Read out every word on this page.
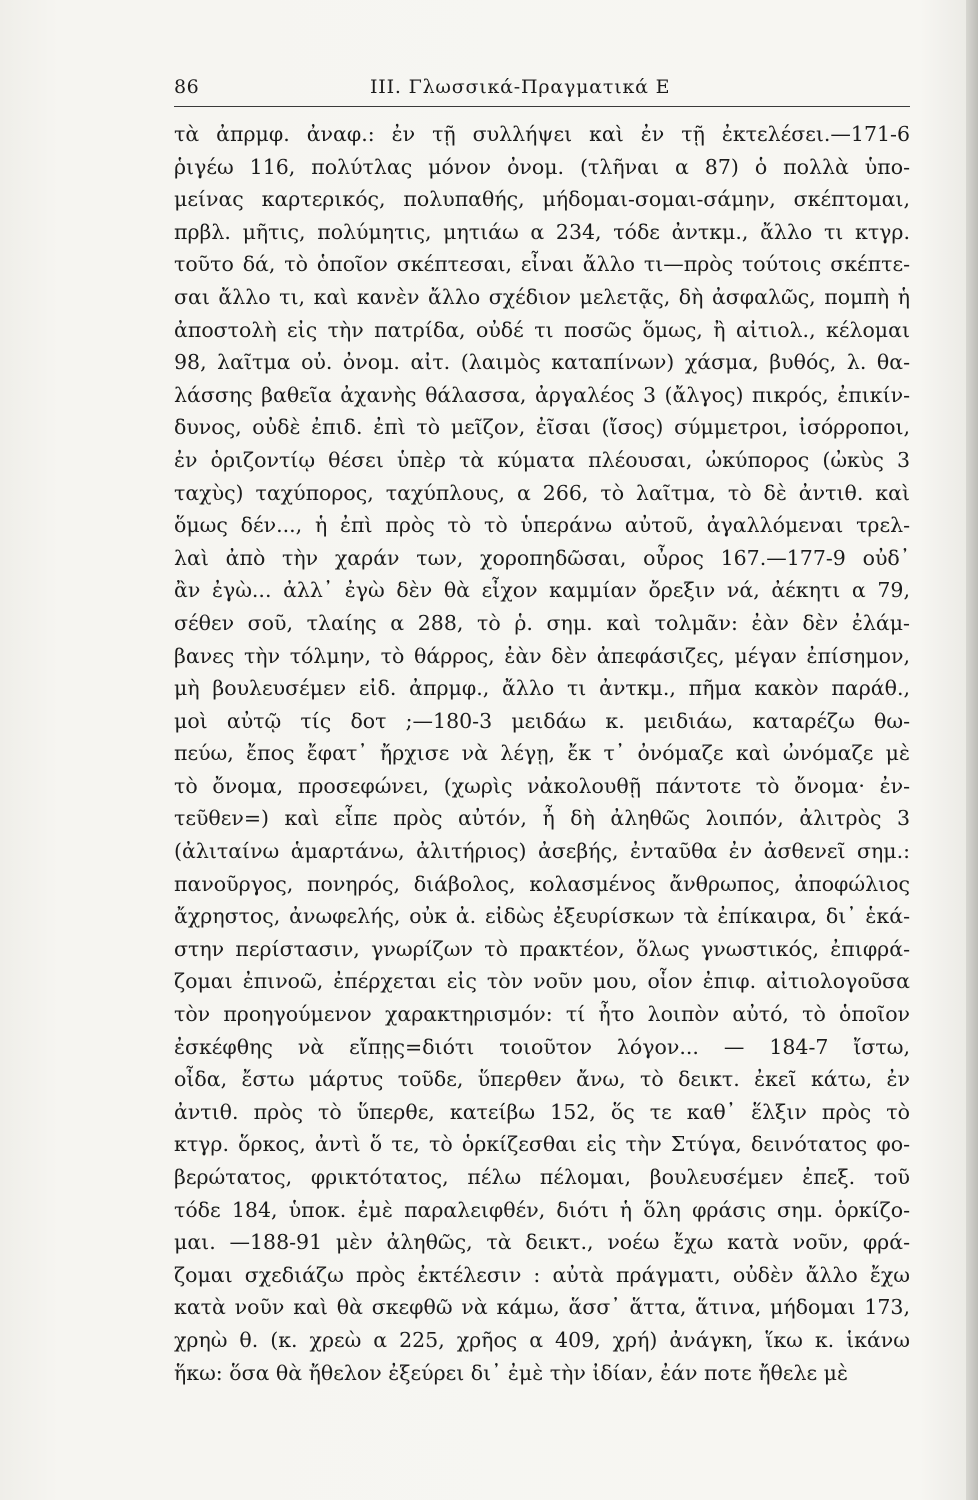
86	ΙΙΙ. Γλωσσικά-Πραγματικά Ε
τὰ ἀπρμφ. ἀναφ.: ἐν τῇ συλλήψει καὶ ἐν τῇ ἐκτελέσει.—171-6
ῥιγέω 116, πολύτλας μόνον ὀνομ. (τλῆναι α 87) ὁ πολλὰ ὑπο-
μείνας καρτερικός, πολυπαθής, μήδομαι-σομαι-σάμην, σκέπτομαι,
πρβλ. μῆτις, πολύμητις, μητιάω α 234, τόδε ἀντκμ., ἄλλο τι κτγρ.
τοῦτο δά, τὸ ὁποῖον σκέπτεσαι, εἶναι ἄλλο τι—πρὸς τούτοις σκέπτε-
σαι ἄλλο τι, καὶ κανὲν ἄλλο σχέδιον μελετᾷς, δὴ ἀσφαλῶς, πομπὴ ἡ
ἀποστολὴ εἰς τὴν πατρίδα, οὐδέ τι ποσῶς ὅμως, ἢ αἰτιολ., κέλομαι
98, λαῖτμα οὐ. ὀνομ. αἰτ. (λαιμὸς καταπίνων) χάσμα, βυθός, λ. θα-
λάσσης βαθεῖα ἀχανὴς θάλασσα, ἀργαλέος 3 (ἄλγος) πικρός, ἐπικίν-
δυνος, οὐδὲ ἐπιδ. ἐπὶ τὸ μεῖζον, ἐῖσαι (ἴσος) σύμμετροι, ἰσόρροποι,
ἐν ὁριζοντίῳ θέσει ὑπὲρ τὰ κύματα πλέουσαι, ὠκύπορος (ὠκὺς 3
ταχὺς) ταχύπορος, ταχύπλους, α 266, τὸ λαῖτμα, τὸ δὲ ἀντιθ. καὶ
ὅμως δέν..., ἡ ἐπὶ πρὸς τὸ τὸ ὑπεράνω αὐτοῦ, ἀγαλλόμεναι τρελ-
λαὶ ἀπὸ τὴν χαράν των, χοροπηδῶσαι, οὖρος 167.—177-9 οὐδ᾽
ἂν ἐγὼ... ἀλλ᾽ ἐγὼ δὲν θὰ εἶχον καμμίαν ὄρεξιν νά, ἀέκητι α 79,
σέθεν σοῦ, τλαίης α 288, τὸ ῥ. σημ. καὶ τολμᾶν: ἐὰν δὲν ἐλάμ-
βανες τὴν τόλμην, τὸ θάρρος, ἐὰν δὲν ἀπεφάσιζες, μέγαν ἐπίσημον,
μὴ βουλευσέμεν εἰδ. ἀπρμφ., ἄλλο τι ἀντκμ., πῆμα κακὸν παράθ.,
μοὶ αὐτῷ τίς δοτ ;—180-3 μειδάω κ. μειδιάω, καταρέζω θω-
πεύω, ἔπος ἔφατ᾽ ἤρχισε νὰ λέγῃ, ἔκ τ᾽ ὀνόμαζε καὶ ὠνόμαζε μὲ
τὸ ὄνομα, προσεφώνει, (χωρὶς νἀκολουθῇ πάντοτε τὸ ὄνομα· ἐν-
τεῦθεν=) καὶ εἶπε πρὸς αὐτόν, ἦ δὴ ἀληθῶς λοιπόν, ἀλιτρὸς 3
(ἀλιταίνω ἁμαρτάνω, ἀλιτήριος) ἀσεβής, ἐνταῦθα ἐν ἀσθενεῖ σημ.:
πανοῦργος, πονηρός, διάβολος, κολασμένος ἄνθρωπος, ἀποφώλιος
ἄχρηστος, ἀνωφελής, οὐκ ἀ. εἰδὼς ἐξευρίσκων τὰ ἐπίκαιρα, δι᾽ ἑκά-
στην περίστασιν, γνωρίζων τὸ πρακτέον, ὅλως γνωστικός, ἐπιφρά-
ζομαι ἐπινοῶ, ἐπέρχεται εἰς τὸν νοῦν μου, οἷον ἐπιφ. αἰτιολογοῦσα
τὸν προηγούμενον χαρακτηρισμόν: τί ἦτο λοιπὸν αὐτό, τὸ ὁποῖον
ἐσκέφθης νὰ εἴπῃς=διότι τοιοῦτον λόγον... — 184-7 ἴστω,
οἶδα, ἔστω μάρτυς τοῦδε, ὕπερθεν ἄνω, τὸ δεικτ. ἐκεῖ κάτω, ἐν
ἀντιθ. πρὸς τὸ ὕπερθε, κατείβω 152, ὅς τε καθ᾽ ἕλξιν πρὸς τὸ
κτγρ. ὅρκος, ἀντὶ ὅ τε, τὸ ὁρκίζεσθαι εἰς τὴν Στύγα, δεινότατος φο-
βερώτατος, φρικτότατος, πέλω πέλομαι, βουλευσέμεν ἐπεξ. τοῦ
τόδε 184, ὑποκ. ἐμὲ παραλειφθέν, διότι ἡ ὅλη φράσις σημ. ὁρκίζο-
μαι. —188-91 μὲν ἀληθῶς, τὰ δεικτ., νοέω ἔχω κατὰ νοῦν, φρά-
ζομαι σχεδιάζω πρὸς ἐκτέλεσιν : αὐτὰ πράγματι, οὐδὲν ἄλλο ἔχω
κατὰ νοῦν καὶ θὰ σκεφθῶ νὰ κάμω, ἅσσ᾽ ἅττα, ἅτινα, μήδομαι 173,
χρηὼ θ. (κ. χρεὼ α 225, χρῆος α 409, χρή) ἀνάγκη, ἵκω κ. ἱκάνω
ἥκω: ὅσα θὰ ἤθελον ἐξεύρει δι᾽ ἐμὲ τὴν ἰδίαν, ἐάν ποτε ἤθελε μὲ
